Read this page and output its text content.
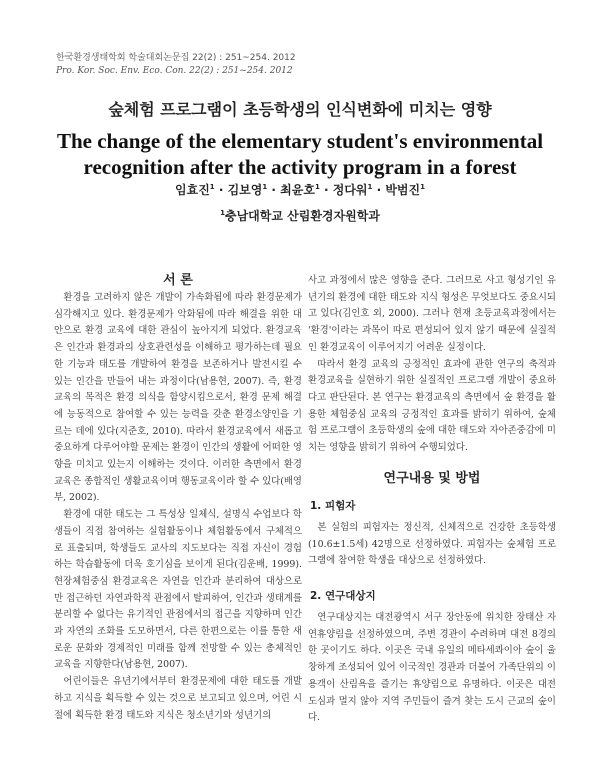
한국환경생태학회 학술대회논문집 22(2) : 251~254. 2012
Pro. Kor. Soc. Env. Eco. Con. 22(2) : 251~254. 2012
숲체험 프로그램이 초등학생의 인식변화에 미치는 영향
The change of the elementary student's environmental
recognition after the activity program in a forest
임효진$^1$ · 김보영$^1$ · 최윤호$^1$ · 정다워$^1$ · 박범진$^1$
$^1$충남대학교 산림환경자원학과
서 론

환경을 고려하지 않은 개발이 가속화됨에 따라 환경문제가 심각해지고 있다. 환경문제가 악화됨에 따라 해결을 위한 대안으로 환경 교육에 대한 관심이 높아지게 되었다. 환경교육은 인간과 환경과의 상호관련성을 이해하고 평가하는데 필요한 기능과 태도를 개발하여 환경을 보존하거나 발전시킬 수 있는 인간을 만들어 내는 과정이다(남용현, 2007). 즉, 환경교육의 목적은 환경 의식을 함양시킴으로서, 환경 문제 해결에 능동적으로 참여할 수 있는 능력을 갖춘 환경소양인을 기르는 데에 있다(지준호, 2010). 따라서 환경교육에서 새롭고 중요하게 다루어야할 문제는 환경이 인간의 생활에 어떠한 영향을 미치고 있는지 이해하는 것이다. 이러한 측면에서 환경교육은 종합적인 생활교육이며 행동교육이라 할 수 있다(배영부, 2002).

환경에 대한 태도는 그 특성상 일체식, 설명식 수업보다 학생들이 직접 참여하는 실험활동이나 체험활동에서 구체적으로 표출되며, 학생들도 교사의 지도보다는 직접 자신이 경험하는 학습활동에 더욱 호기심을 보이게 된다(김운배, 1999). 현장체험중심 환경교육은 자연을 인간과 분리하여 대상으로만 접근하던 자연과학적 관점에서 탈피하여, 인간과 생태계를 분리할 수 없다는 유기적인 관점에서의 접근을 지향하며 인간과 자연의 조화를 도모하면서, 다른 한편으로는 이를 통한 새로운 문화와 경제적인 미래를 함께 전망할 수 있는 총체적인 교육을 지향한다(남용현, 2007).

어린이들은 유년기에서부터 환경문제에 대한 태도를 개발하고 지식을 획득할 수 있는 것으로 보고되고 있으며, 어린 시절에 획득한 환경 태도와 지식은 청소년기와 성년기의

사고 과정에서 많은 영향을 준다. 그러므로 사고 형성기인 유년기의 환경에 대한 태도와 지식 형성은 무엇보다도 중요시되고 있다(김인호 외, 2000). 그러나 현재 초등교육과정에서는 '환경'이라는 과목이 따로 편성되어 있지 않기 때문에 실질적인 환경교육이 이루어지기 어려운 실정이다.

따라서 환경 교육의 긍정적인 효과에 관한 연구의 축적과 환경교육을 실현하기 위한 실질적인 프로그램 개발이 중요하다고 판단된다. 본 연구는 환경교육의 측면에서 숲 환경을 활용한 체험중심 교육의 긍정적인 효과를 밝히기 위하여, 숲체험 프로그램이 초등학생의 숲에 대한 태도와 자아존중감에 미치는 영향을 밝히기 위하여 수행되었다.

연구내용 및 방법
1. 피험자

본 실험의 피험자는 정신적, 신체적으로 건강한 초등학생(10.6±1.5세) 42명으로 선정하였다. 피험자는 숲체험 프로그램에 참여한 학생을 대상으로 선정하였다.

2. 연구대상지

연구대상지는 대전광역시 서구 장안동에 위치한 장태산 자연휴양림을 선정하였으며, 주변 경관이 수려하며 대전 8경의 한 곳이기도 하다. 이곳은 국내 유일의 메타세콰이아 숲이 울창하게 조성되어 있어 이국적인 경관과 더불어 가족단위의 이용객이 산림욕을 즐기는 휴양림으로 유명하다. 이곳은 대전 도심과 멀지 않아 지역 주민들이 즐겨 찾는 도시 근교의 숲이다.
